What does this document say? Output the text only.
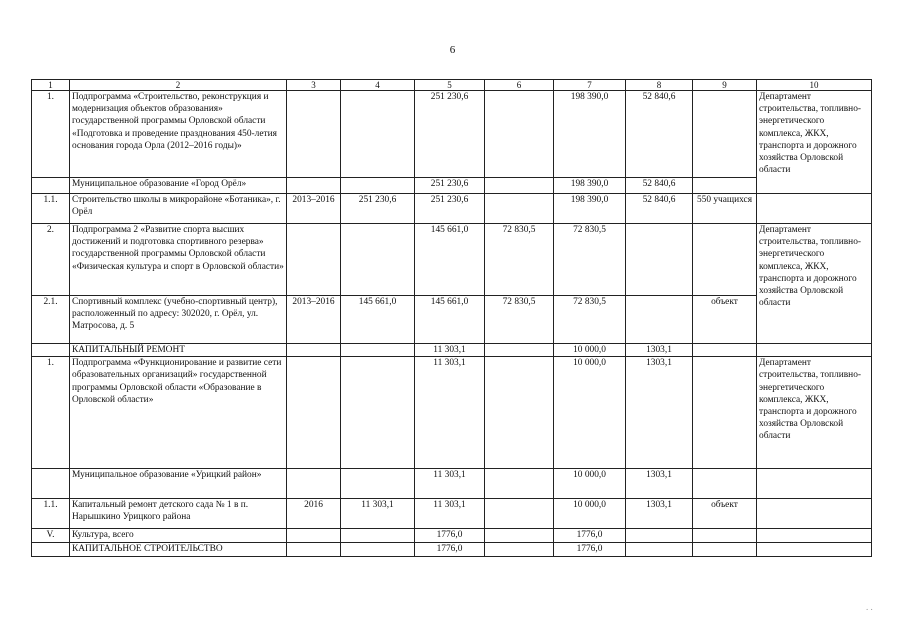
6
1	2	3	4	5	6	7	8	9	10
1.	Подпрограмма «Строительство, реконструкция и модернизация объектов образования» государственной программы Орловской области «Подготовка и проведение празднования 450-летия основания города Орла (2012–2016 годы)»			251 230,6		198 390,0	52 840,6		Департамент строительства, топливно-энергетического комплекса, ЖКХ, транспорта и дорожного хозяйства Орловской области
	Муниципальное образование «Город Орёл»			251 230,6		198 390,0	52 840,6		
1.1.	Строительство школы в микрорайоне «Ботаника», г. Орёл	2013–2016	251 230,6	251 230,6		198 390,0	52 840,6	550 учащихся	
2.	Подпрограмма 2 «Развитие спорта высших достижений и подготовка спортивного резерва» государственной программы Орловской области «Физическая культура и спорт в Орловской области»			145 661,0	72 830,5	72 830,5			Департамент строительства, топливно-энергетического комплекса, ЖКХ, транспорта и дорожного хозяйства Орловской области
2.1.	Спортивный комплекс (учебно-спортивный центр), расположенный по адресу: 302020, г. Орёл, ул. Матросова, д. 5	2013–2016	145 661,0	145 661,0	72 830,5	72 830,5		объект	
	КАПИТАЛЬНЫЙ РЕМОНТ			11 303,1		10 000,0	1303,1		
1.	Подпрограмма «Функционирование и развитие сети образовательных организаций» государственной программы Орловской области «Образование в Орловской области»			11 303,1		10 000,0	1303,1		Департамент строительства, топливно-энергетического комплекса, ЖКХ, транспорта и дорожного хозяйства Орловской области
	Муниципальное образование «Урицкий район»			11 303,1		10 000,0	1303,1		
1.1.	Капитальный ремонт детского сада № 1 в п. Нарышкино Урицкого района	2016	11 303,1	11 303,1		10 000,0	1303,1	объект	
V.	Культура, всего			1776,0		1776,0			
	КАПИТАЛЬНОЕ СТРОИТЕЛЬСТВО			1776,0		1776,0			
. .
